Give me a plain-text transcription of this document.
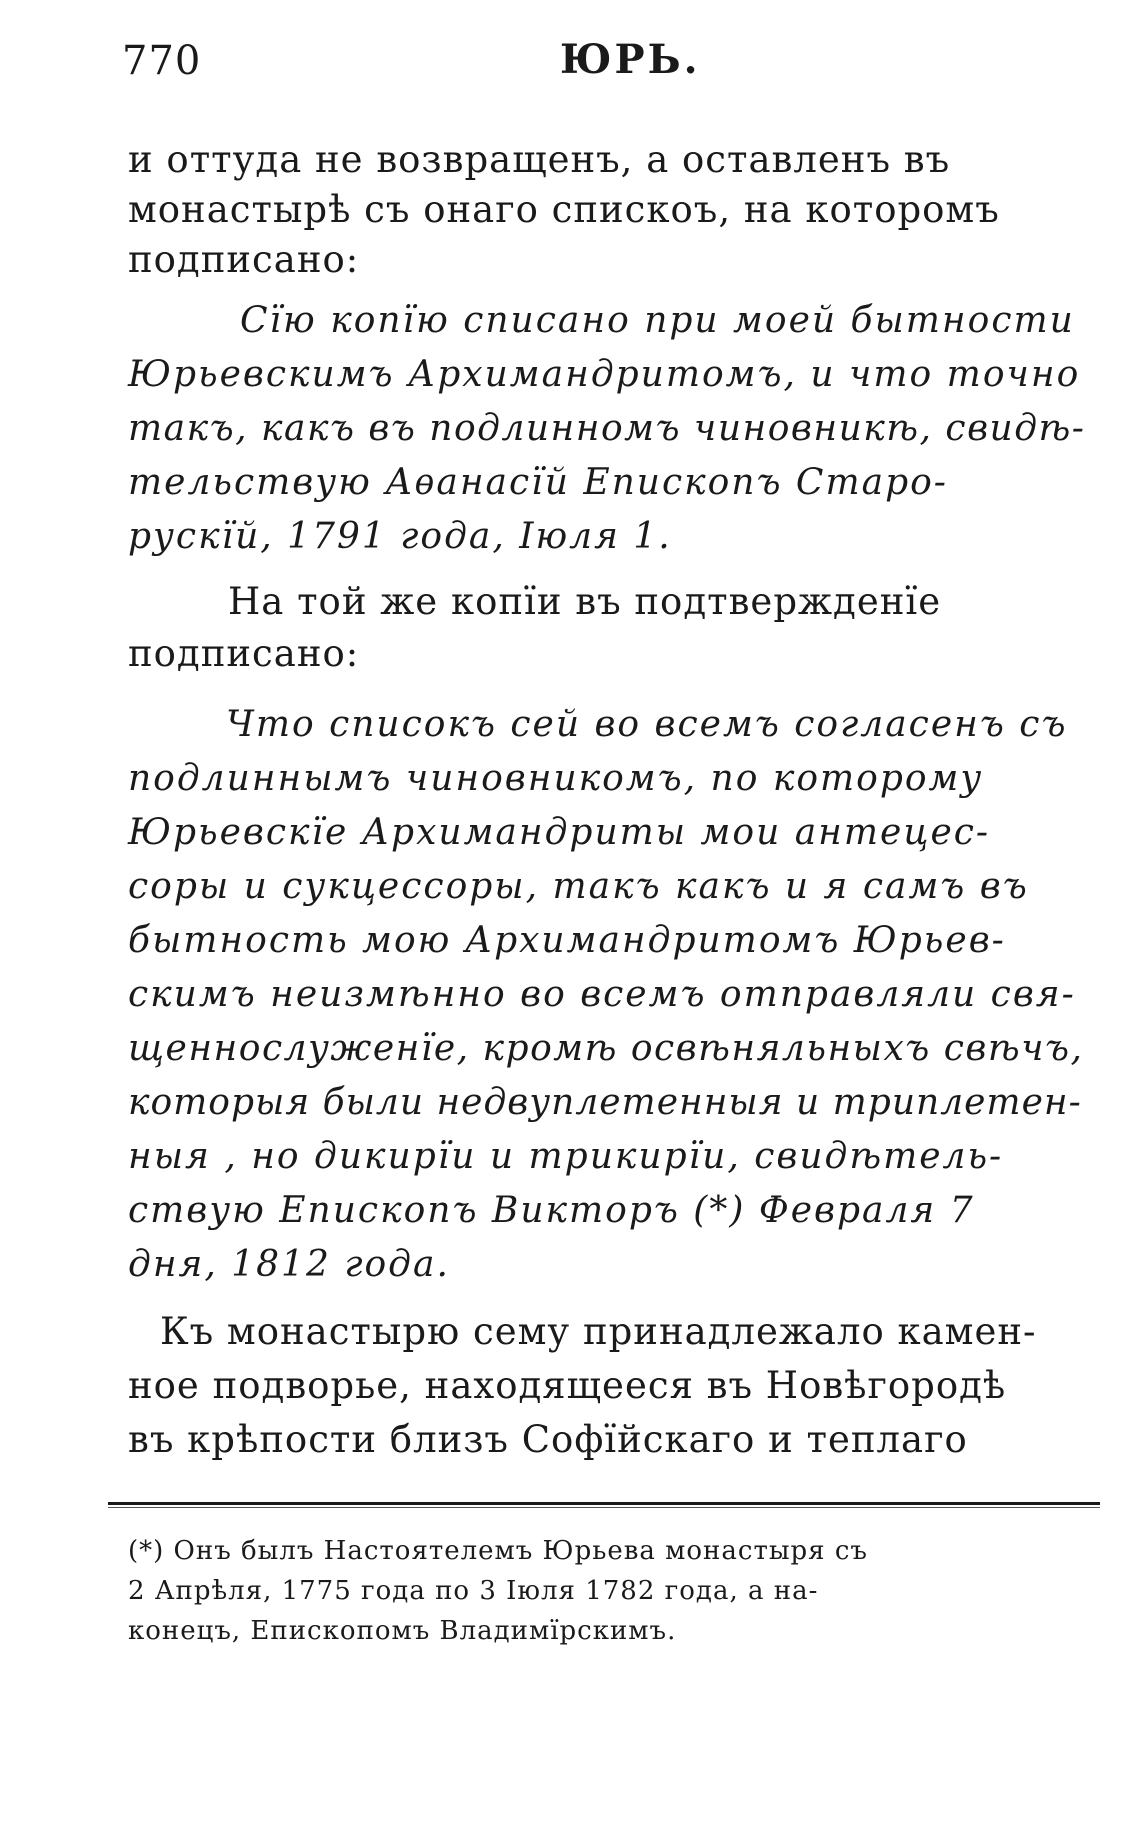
770	ЮРЬ.
и оттуда не возвращенъ, а оставленъ въ
монастырѣ съ онаго спискоъ, на которомъ
подписано:
Сїю копїю списано при моей бытности
Юрьевскимъ Архимандритомъ, и что точно
такъ, какъ въ подлинномъ чиновникѣ, свидѣ-
тельствую Аѳанасїй Епископъ Старо-
рускїй, 1791 года, Іюля 1.
На той же копїи въ подтвержденїе
подписано:
Что списокъ сей во всемъ согласенъ съ
подлиннымъ чиновникомъ, по которому
Юрьевскїе Архимандриты мои антецес-
соры и сукцессоры, такъ какъ и я самъ въ
бытность мою Архимандритомъ Юрьев-
скимъ неизмѣнно во всемъ отправляли свя-
щеннослуженїе, кромѣ освѣняльныхъ свѣчъ,
которыя были недвуплетенныя и триплетен-
ныя , но дикирїи и трикирїи, свидѣтель-
ствую Епископъ Викторъ (*) Февраля 7
дня, 1812 года.
Къ монастырю сему принадлежало камен-
ное подворье, находящееся въ Новѣгородѣ
въ крѣпости близъ Софїйскаго и теплаго
(*) Онъ былъ Настоятелемъ Юрьева монастыря съ
2 Апрѣля, 1775 года по 3 Іюля 1782 года, а на-
конецъ, Епископомъ Владимїрскимъ.
